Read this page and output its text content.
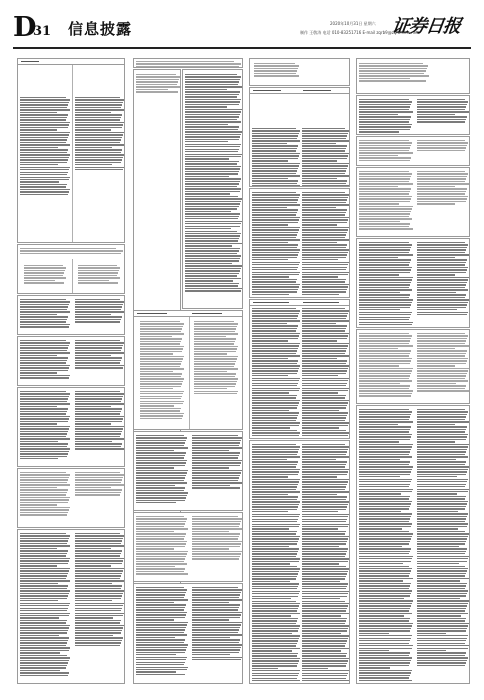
D
31 信息披露	2020年10月31日 星期六
制作 王敬涛 电话 010-83251716 E-mail zqrb9@zqrb.sina.net
证券日报
